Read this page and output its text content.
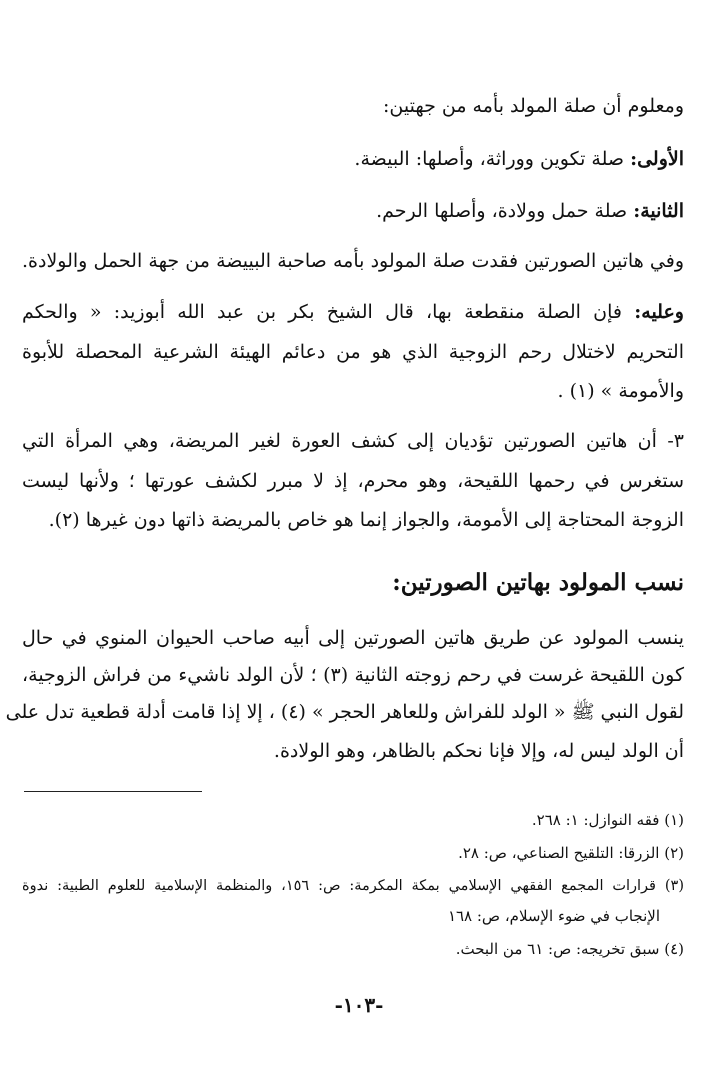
ومعلوم أن صلة المولد بأمه من جهتين:
الأولى: صلة تكوين ووراثة، وأصلها: البيضة.
الثانية: صلة حمل وولادة، وأصلها الرحم.
وفي هاتين الصورتين فقدت صلة المولود بأمه صاحبة البييضة من جهة الحمل والولادة.
وعليه: فإن الصلة منقطعة بها، قال الشيخ بكر بن عبد الله أبوزيد: « والحكم
التحريم لاختلال رحم الزوجية الذي هو من دعائم الهيئة الشرعية المحصلة للأبوة
والأمومة » (١) .
٣- أن هاتين الصورتين تؤديان إلى كشف العورة لغير المريضة، وهي المرأة التي
ستغرس في رحمها اللقيحة، وهو محرم، إذ لا مبرر لكشف عورتها ؛ ولأنها ليست
الزوجة المحتاجة إلى الأمومة، والجواز إنما هو خاص بالمريضة ذاتها دون غيرها (٢).
نسب المولود بهاتين الصورتين:
ينسب المولود عن طريق هاتين الصورتين إلى أبيه صاحب الحيوان المنوي في حال
كون اللقيحة غرست في رحم زوجته الثانية (٣) ؛ لأن الولد ناشيء من فراش الزوجية،
لقول النبي ﷺ « الولد للفراش وللعاهر الحجر » (٤) ، إلا إذا قامت أدلة قطعية تدل على
أن الولد ليس له، وإلا فإنا نحكم بالظاهر، وهو الولادة.
(١) فقه النوازل: ١: ٢٦٨.
(٢) الزرقا: التلقيح الصناعي، ص: ٢٨.
(٣) قرارات المجمع الفقهي الإسلامي بمكة المكرمة: ص: ١٥٦، والمنظمة الإسلامية للعلوم الطبية: ندوة
الإنجاب في ضوء الإسلام، ص: ١٦٨
(٤) سبق تخريجه: ص: ٦١ من البحث.
-١٠٣-
